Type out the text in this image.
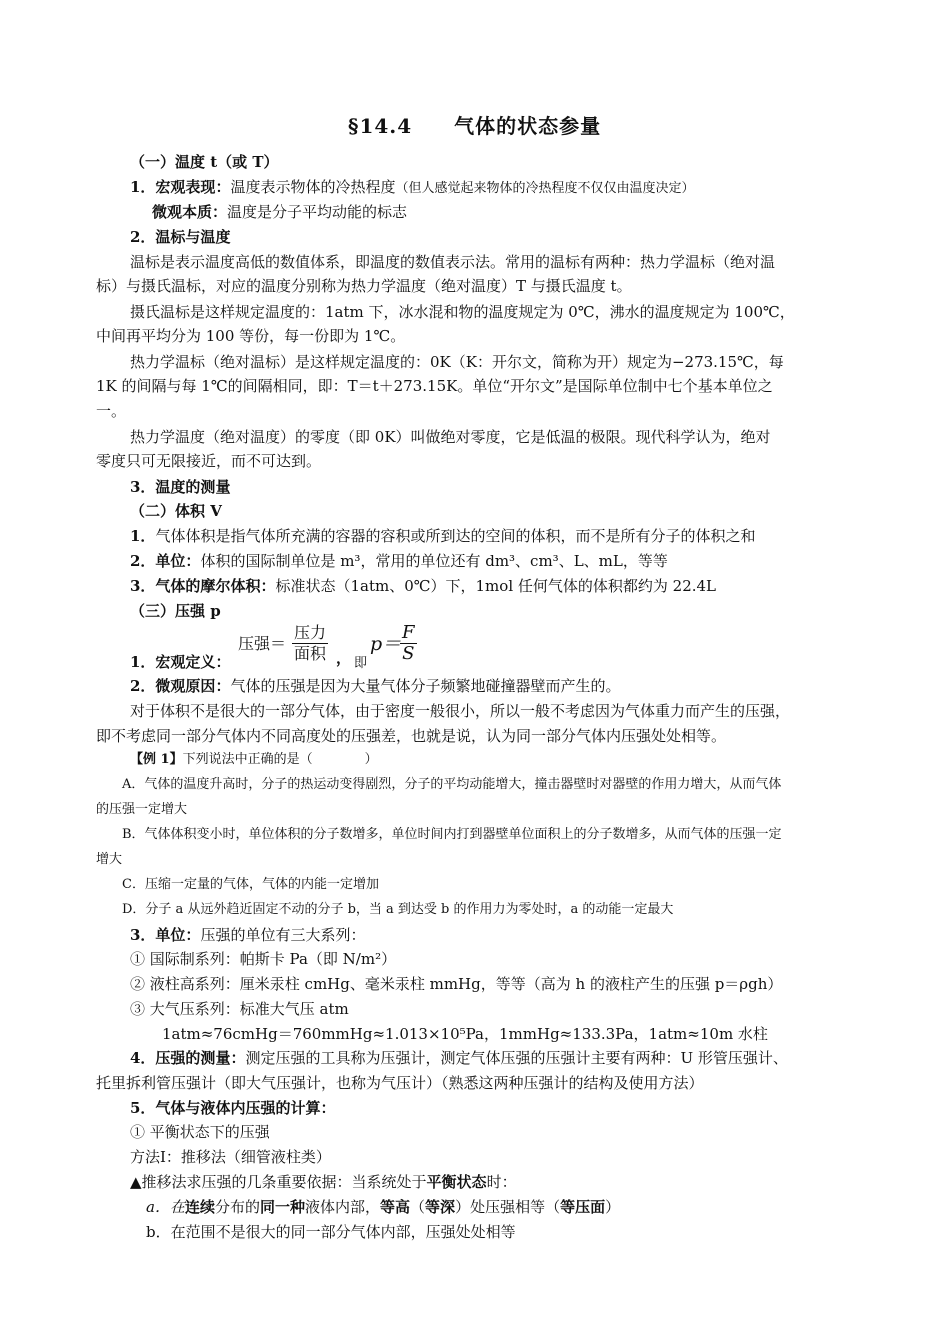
§14.4　　气体的状态参量
（一）温度 t（或 T）
1．宏观表现：温度表示物体的冷热程度（但人感觉起来物体的冷热程度不仅仅由温度决定）
微观本质：温度是分子平均动能的标志
2．温标与温度
温标是表示温度高低的数值体系，即温度的数值表示法。常用的温标有两种：热力学温标（绝对温
标）与摄氏温标，对应的温度分别称为热力学温度（绝对温度）T 与摄氏温度 t。
摄氏温标是这样规定温度的：1atm 下，冰水混和物的温度规定为 0℃，沸水的温度规定为 100℃，
中间再平均分为 100 等份，每一份即为 1℃。
热力学温标（绝对温标）是这样规定温度的：0K（K：开尔文，简称为开）规定为−273.15℃，每
1K 的间隔与每 1℃的间隔相同，即：T＝t＋273.15K。单位“开尔文”是国际单位制中七个基本单位之
一。
热力学温度（绝对温度）的零度（即 0K）叫做绝对零度，它是低温的极限。现代科学认为，绝对
零度只可无限接近，而不可达到。
3．温度的测量
（二）体积 V
1．气体体积是指气体所充满的容器的容积或所到达的空间的体积，而不是所有分子的体积之和
2．单位：体积的国际制单位是 m³，常用的单位还有 dm³、cm³、L、mL，等等
3．气体的摩尔体积：标准状态（1atm、0℃）下，1mol 任何气体的体积都约为 22.4L
（三）压强 p
压强＝
压力
面积 ， 即
p＝
$\frac{F}{S}$
1．宏观定义：
2．微观原因：气体的压强是因为大量气体分子频繁地碰撞器壁而产生的。
对于体积不是很大的一部分气体，由于密度一般很小，所以一般不考虑因为气体重力而产生的压强，
即不考虑同一部分气体内不同高度处的压强差，也就是说，认为同一部分气体内压强处处相等。
【例 1】下列说法中正确的是（　　　　）
A．气体的温度升高时，分子的热运动变得剧烈，分子的平均动能增大，撞击器壁时对器壁的作用力增大，从而气体
的压强一定增大
B．气体体积变小时，单位体积的分子数增多，单位时间内打到器壁单位面积上的分子数增多，从而气体的压强一定
增大
C．压缩一定量的气体，气体的内能一定增加
D．分子 a 从远外趋近固定不动的分子 b，当 a 到达受 b 的作用力为零处时，a 的动能一定最大
3．单位：压强的单位有三大系列：
① 国际制系列：帕斯卡 Pa（即 N/m²）
② 液柱高系列：厘米汞柱 cmHg、毫米汞柱 mmHg，等等（高为 h 的液柱产生的压强 p＝ρgh）
③ 大气压系列：标准大气压 atm
1atm≈76cmHg＝760mmHg≈1.013×10⁵Pa，1mmHg≈133.3Pa，1atm≈10m 水柱
4．压强的测量：测定压强的工具称为压强计，测定气体压强的压强计主要有两种：U 形管压强计、
托里拆利管压强计（即大气压强计，也称为气压计）（熟悉这两种压强计的结构及使用方法）
5．气体与液体内压强的计算：
① 平衡状态下的压强
方法Ⅰ：推移法（细管液柱类）
▲推移法求压强的几条重要依据：当系统处于平衡状态时：
a．在连续分布的同一种液体内部，等高（等深）处压强相等（等压面）
b．在范围不是很大的同一部分气体内部，压强处处相等
